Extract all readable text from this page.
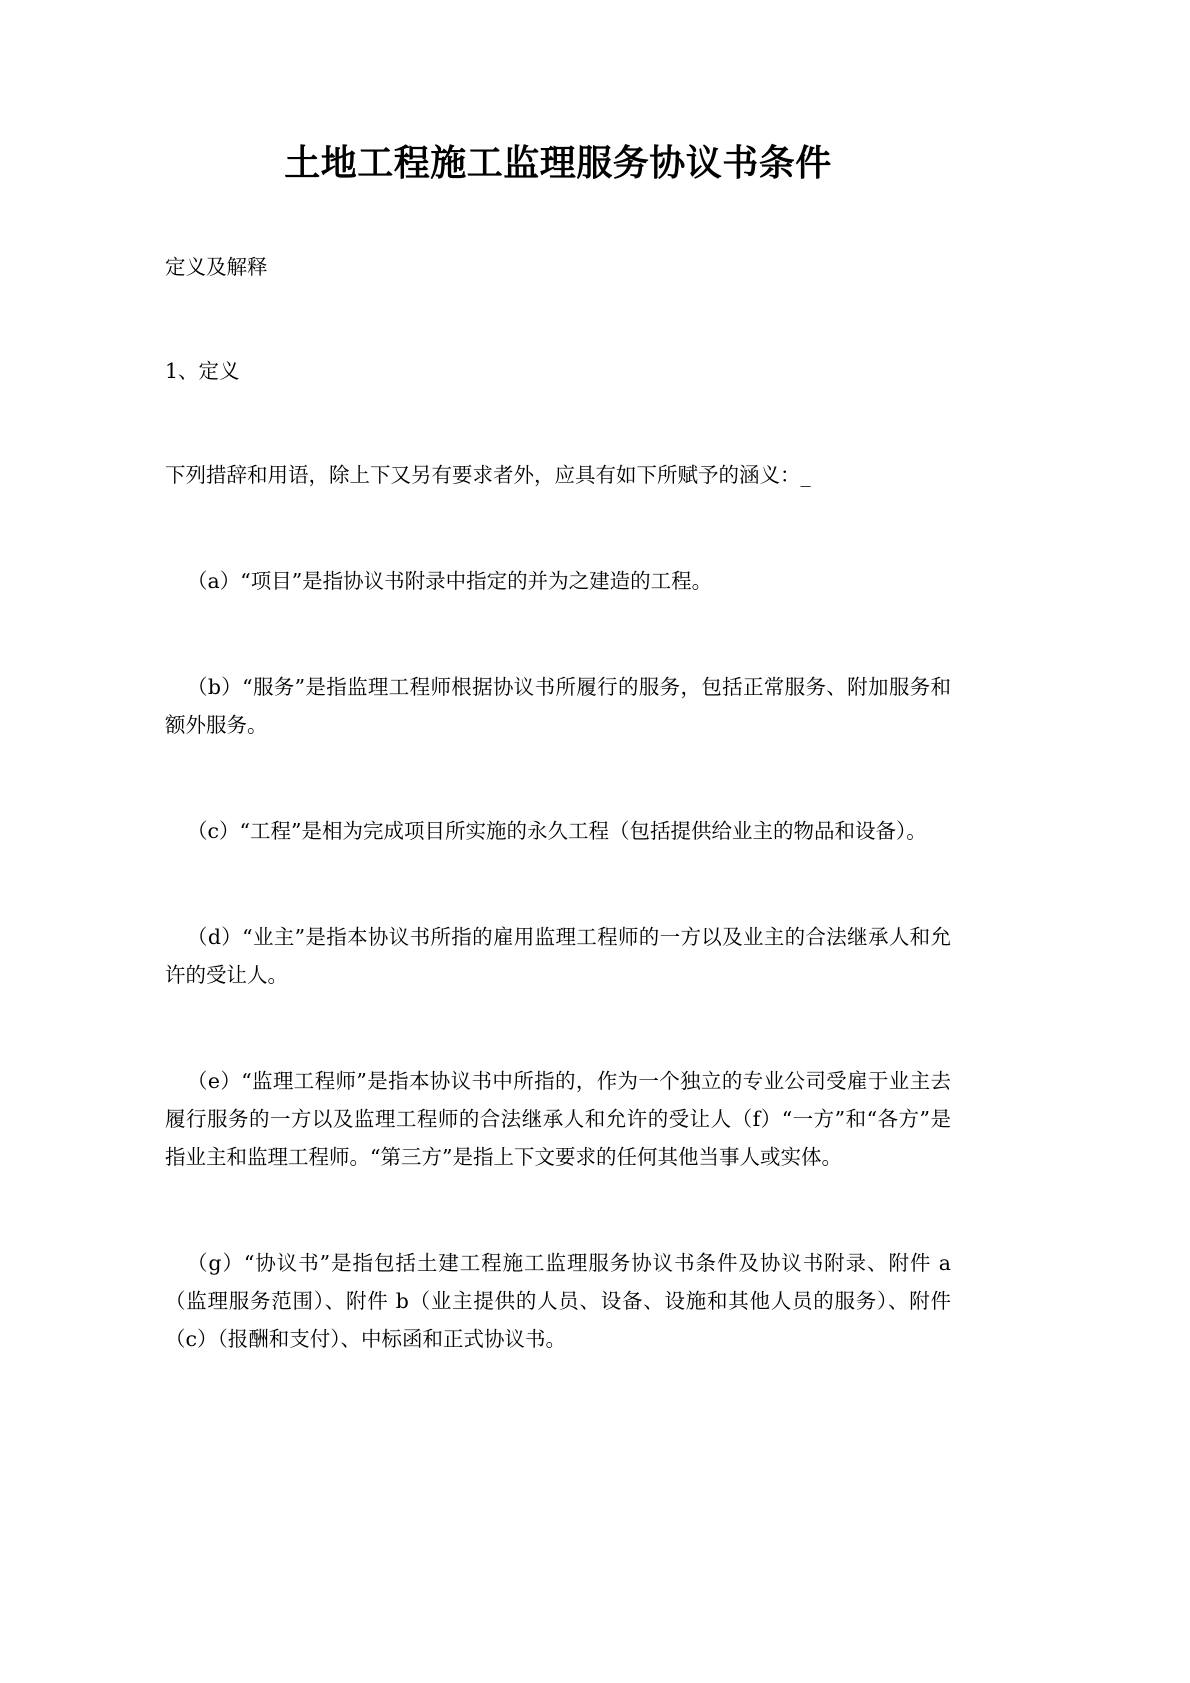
土地工程施工监理服务协议书条件

定义及解释

1、定义

下列措辞和用语，除上下又另有要求者外，应具有如下所赋予的涵义：_

（a）“项目”是指协议书附录中指定的并为之建造的工程。

（b）“服务”是指监理工程师根据协议书所履行的服务，包括正常服务、附加服务和额外服务。

（c）“工程”是相为完成项目所实施的永久工程（包括提供给业主的物品和设备）。

（d）“业主”是指本协议书所指的雇用监理工程师的一方以及业主的合法继承人和允许的受让人。

（e）“监理工程师”是指本协议书中所指的，作为一个独立的专业公司受雇于业主去履行服务的一方以及监理工程师的合法继承人和允许的受让人（f）“一方”和“各方”是指业主和监理工程师。“第三方”是指上下文要求的任何其他当事人或实体。

（g）“协议书”是指包括土建工程施工监理服务协议书条件及协议书附录、附件 a（监理服务范围）、附件 b（业主提供的人员、设备、设施和其他人员的服务）、附件（c）（报酬和支付）、中标函和正式协议书。
